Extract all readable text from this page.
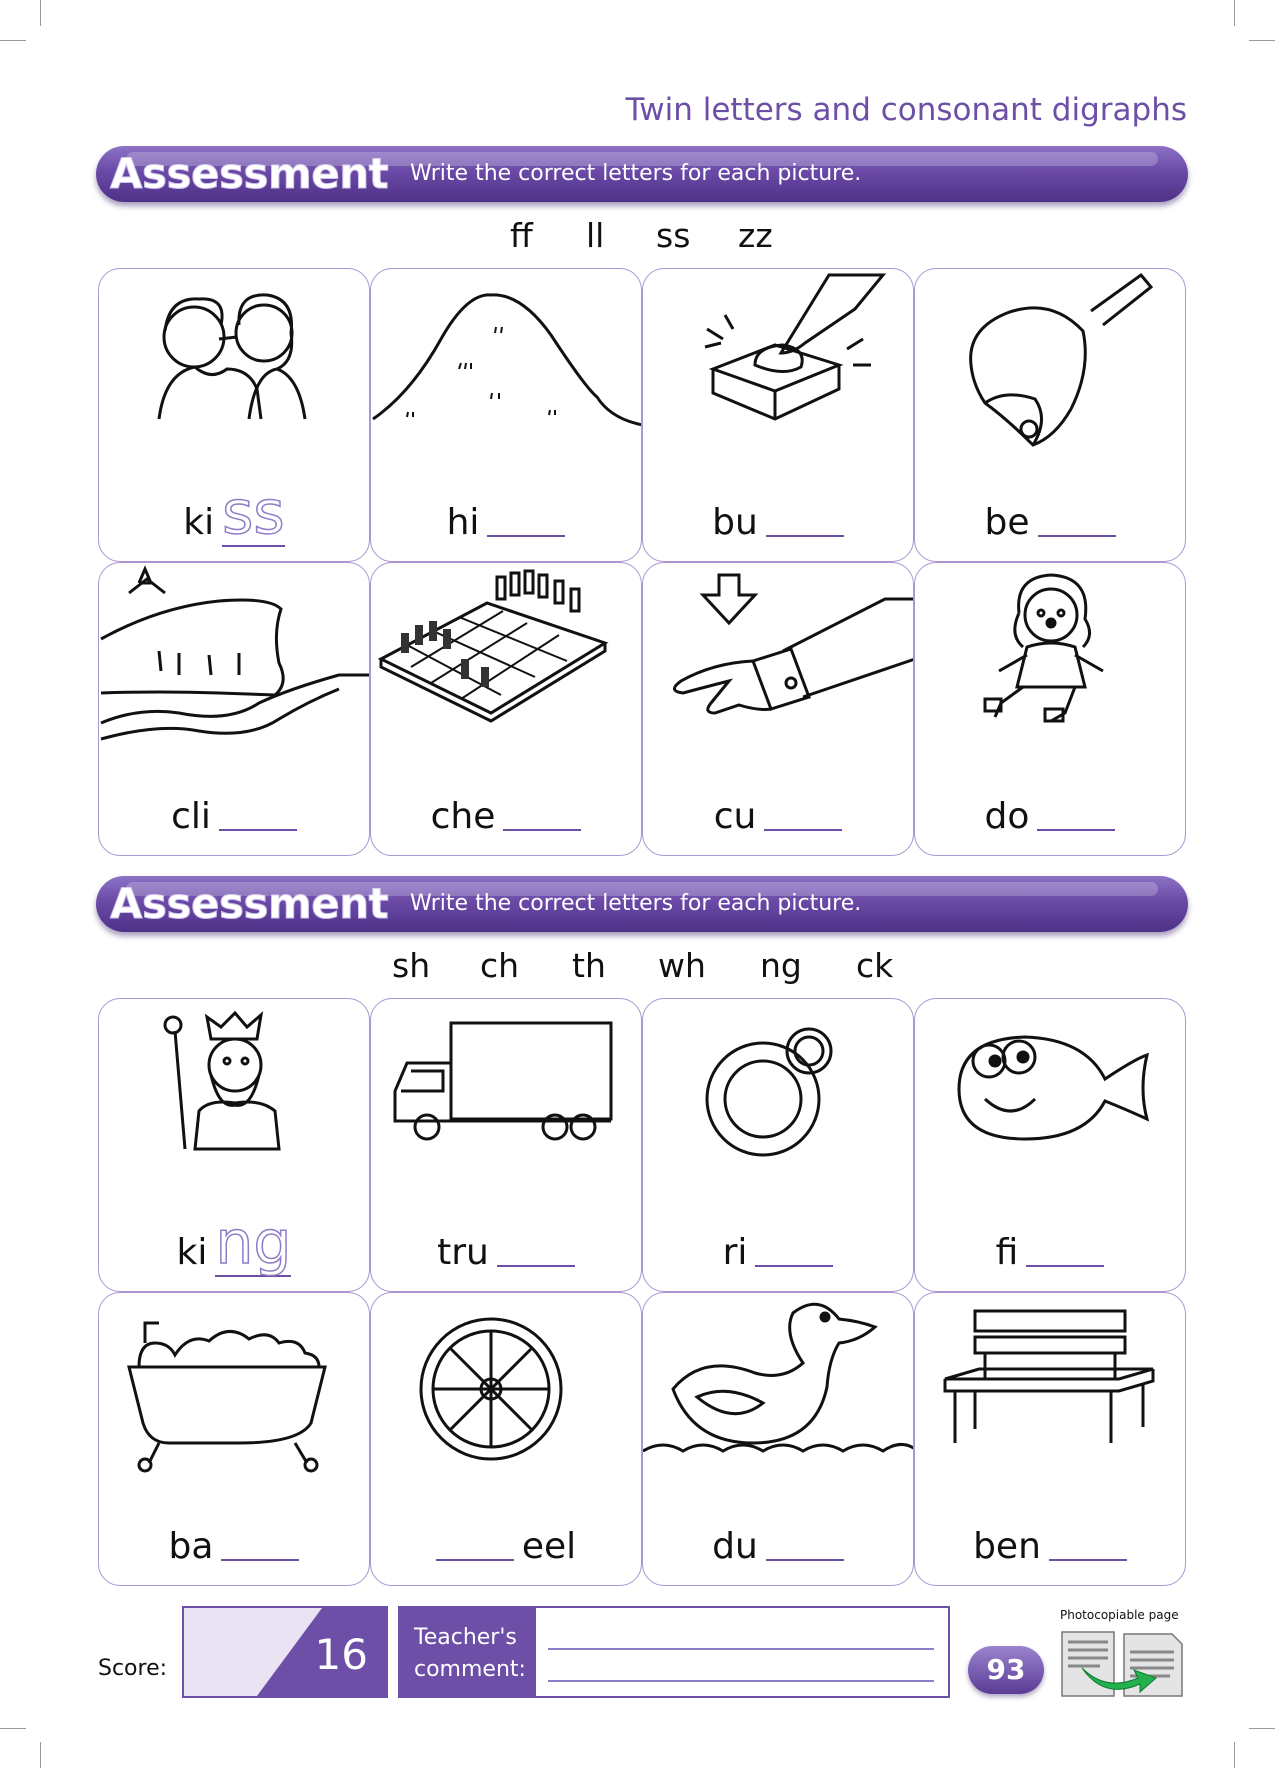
Twin letters and consonant digraphs
Assessment Write the correct letters for each picture.
ff ll ss zz
ki ss	hi	bu	be
cli	che	cu	do
Assessment Write the correct letters for each picture.
sh ch th wh ng ck
ki ng	tru	ri	fi
ba	eel	du	ben
Score:	16 Teacher's
comment:	93
Photocopiable page
